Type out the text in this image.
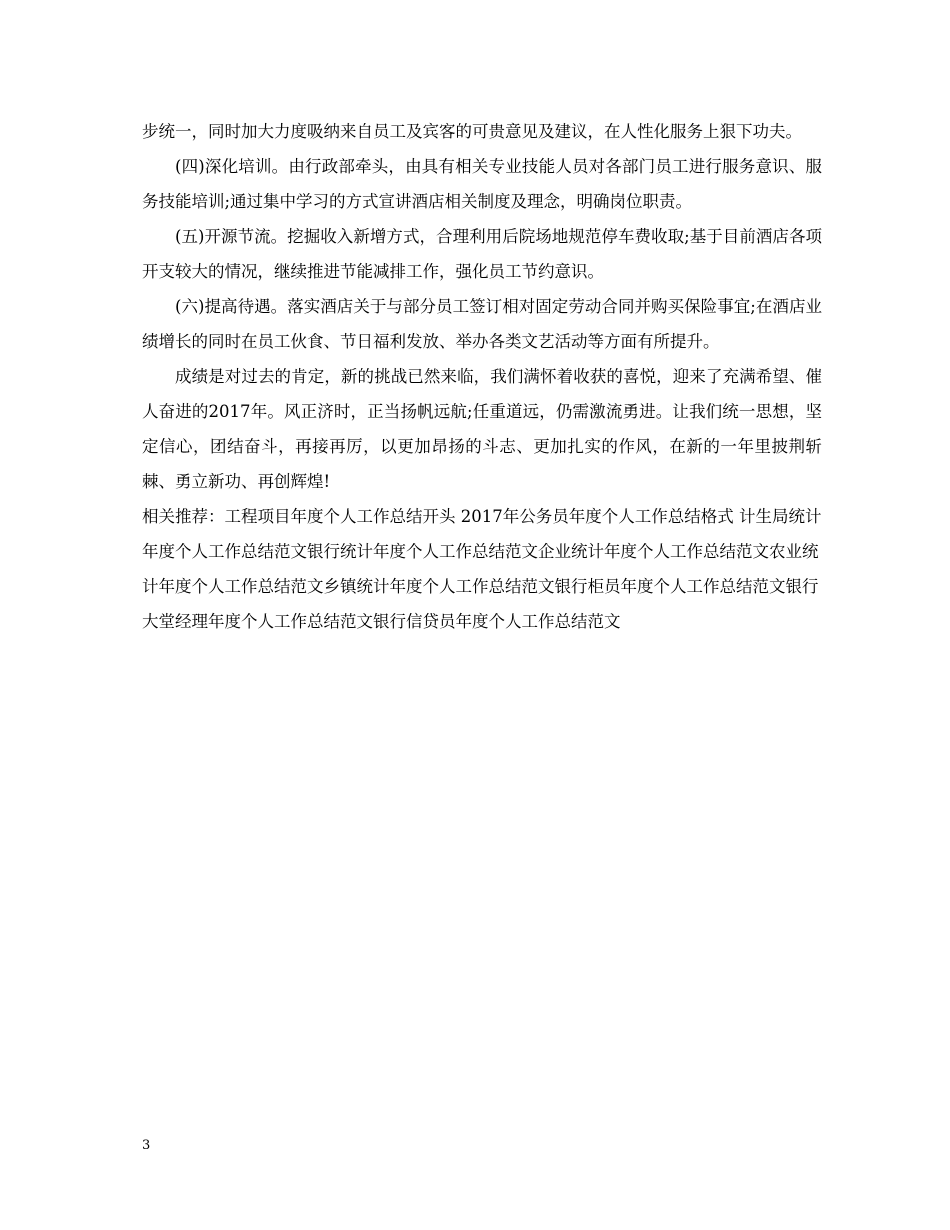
步统一，同时加大力度吸纳来自员工及宾客的可贵意见及建议，在人性化服务上狠下功夫。

(四)深化培训。由行政部牵头，由具有相关专业技能人员对各部门员工进行服务意识、服务技能培训;通过集中学习的方式宣讲酒店相关制度及理念，明确岗位职责。

(五)开源节流。挖掘收入新增方式，合理利用后院场地规范停车费收取;基于目前酒店各项开支较大的情况，继续推进节能减排工作，强化员工节约意识。

(六)提高待遇。落实酒店关于与部分员工签订相对固定劳动合同并购买保险事宜;在酒店业绩增长的同时在员工伙食、节日福利发放、举办各类文艺活动等方面有所提升。

成绩是对过去的肯定，新的挑战已然来临，我们满怀着收获的喜悦，迎来了充满希望、催人奋进的2017年。风正济时，正当扬帆远航;任重道远，仍需激流勇进。让我们统一思想，坚定信心，团结奋斗，再接再厉，以更加昂扬的斗志、更加扎实的作风，在新的一年里披荆斩棘、勇立新功、再创辉煌!

相关推荐：工程项目年度个人工作总结开头 2017年公务员年度个人工作总结格式 计生局统计年度个人工作总结范文银行统计年度个人工作总结范文企业统计年度个人工作总结范文农业统计年度个人工作总结范文乡镇统计年度个人工作总结范文银行柜员年度个人工作总结范文银行大堂经理年度个人工作总结范文银行信贷员年度个人工作总结范文

3
